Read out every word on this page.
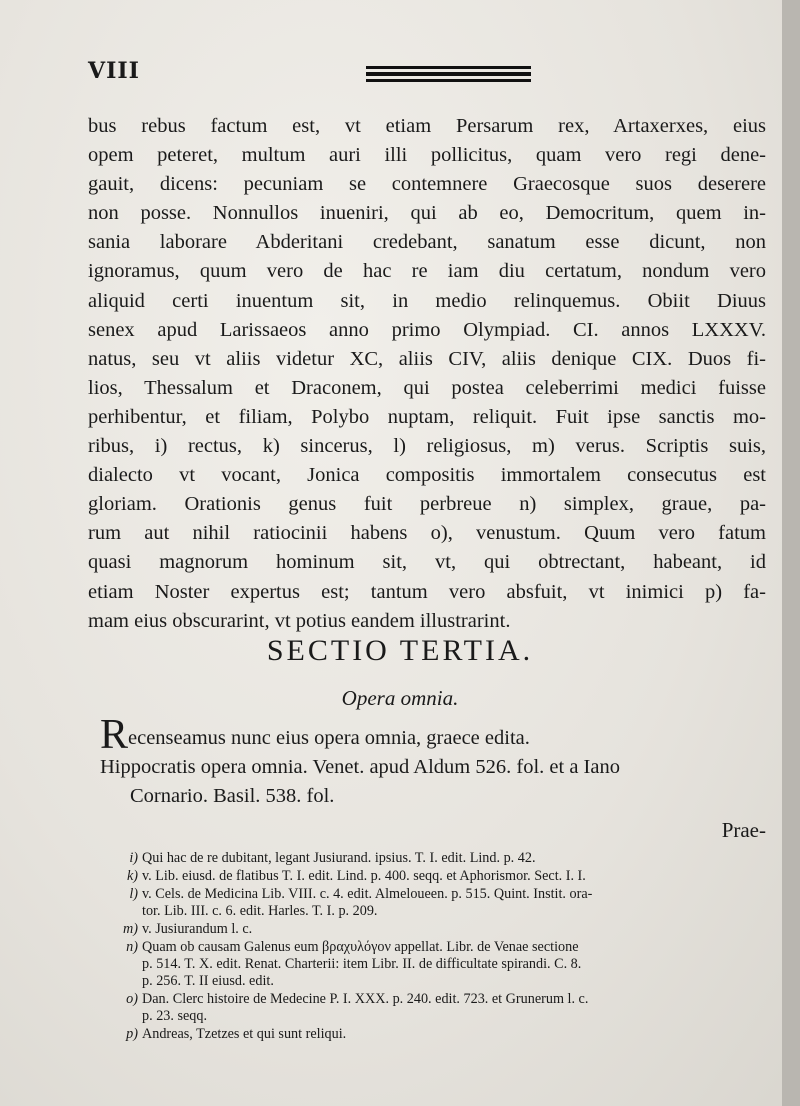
VIII
bus rebus factum est, vt etiam Persarum rex, Artaxerxes, eius
opem peteret, multum auri illi pollicitus, quam vero regi dene-
gauit, dicens: pecuniam se contemnere Graecosque suos deserere
non posse. Nonnullos inueniri, qui ab eo, Democritum, quem in-
sania laborare Abderitani credebant, sanatum esse dicunt, non
ignoramus, quum vero de hac re iam diu certatum, nondum vero
aliquid certi inuentum sit, in medio relinquemus. Obiit Diuus
senex apud Larissaeos anno primo Olympiad. CI. annos LXXXV.
natus, seu vt aliis videtur XC, aliis CIV, aliis denique CIX. Duos fi-
lios, Thessalum et Draconem, qui postea celeberrimi medici fuisse
perhibentur, et filiam, Polybo nuptam, reliquit. Fuit ipse sanctis mo-
ribus, i) rectus, k) sincerus, l) religiosus, m) verus. Scriptis suis,
dialecto vt vocant, Jonica compositis immortalem consecutus est
gloriam. Orationis genus fuit perbreue n) simplex, graue, pa-
rum aut nihil ratiocinii habens o), venustum. Quum vero fatum
quasi magnorum hominum sit, vt, qui obtrectant, habeant, id
etiam Noster expertus est; tantum vero absfuit, vt inimici p) fa-
mam eius obscurarint, vt potius eandem illustrarint.
SECTIO TERTIA.
Opera omnia.
Recenseamus nunc eius opera omnia, graece edita.
Hippocratis opera omnia. Venet. apud Aldum 526. fol. et a Iano
Cornario. Basil. 538. fol.
Prae-
i) Qui hac de re dubitant, legant Jusiurand. ipsius. T. I. edit. Lind. p. 42.
k) v. Lib. eiusd. de flatibus T. I. edit. Lind. p. 400. seqq. et Aphorismor. Sect. I. I.
l) v. Cels. de Medicina Lib. VIII. c. 4. edit. Almeloueen. p. 515. Quint. Instit. ora-
tor. Lib. III. c. 6. edit. Harles. T. I. p. 209.
m) v. Jusiurandum l. c.
n) Quam ob causam Galenus eum βραχυλόγον appellat. Libr. de Venae sectione
p. 514. T. X. edit. Renat. Charterii: item Libr. II. de difficultate spirandi. C. 8.
p. 256. T. II eiusd. edit.
o) Dan. Clerc histoire de Medecine P. I. XXX. p. 240. edit. 723. et Grunerum l. c.
p. 23. seqq.
p) Andreas, Tzetzes et qui sunt reliqui.
